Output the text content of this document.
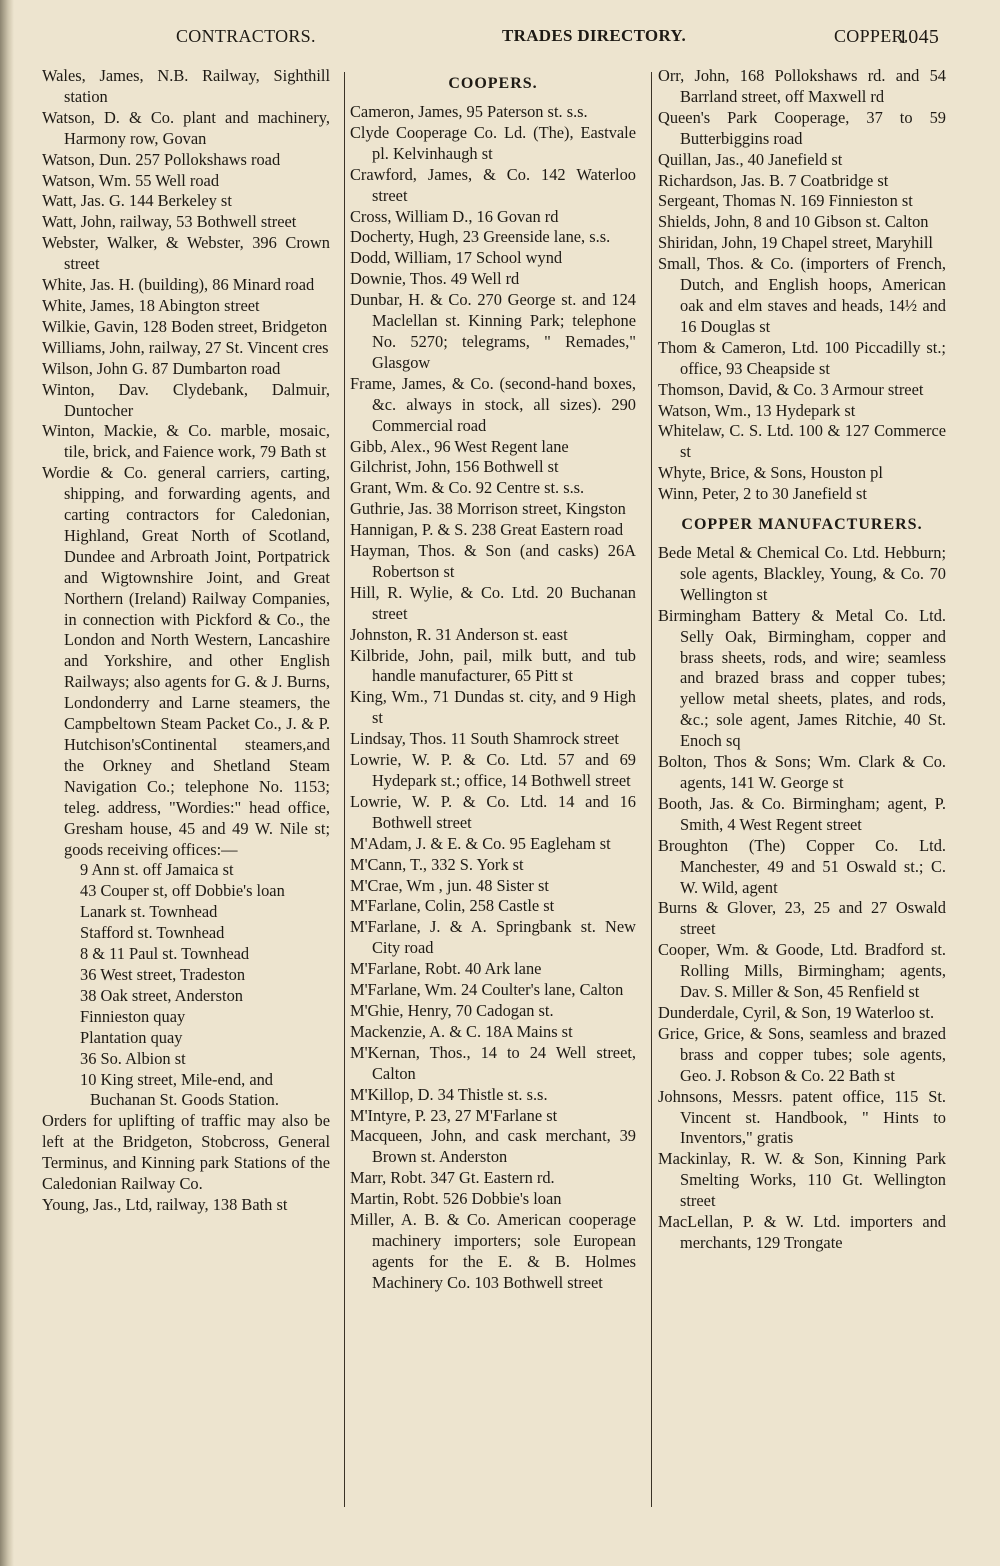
CONTRACTORS.	TRADES DIRECTORY.	COPPER.
1045

Wales, James, N.B. Railway, Sighthill station

Watson, D. & Co. plant and machinery, Harmony row, Govan

Watson, Dun. 257 Pollokshaws road

Watson, Wm. 55 Well road

Watt, Jas. G. 144 Berkeley st

Watt, John, railway, 53 Bothwell street

Webster, Walker, & Webster, 396 Crown street

White, Jas. H. (building), 86 Minard road

White, James, 18 Abington street

Wilkie, Gavin, 128 Boden street, Bridgeton

Williams, John, railway, 27 St. Vincent cres

Wilson, John G. 87 Dumbarton road

Winton, Dav. Clydebank, Dalmuir, Duntocher

Winton, Mackie, & Co. marble, mosaic, tile, brick, and Faience work, 79 Bath st

Wordie & Co. general carriers, carting, shipping, and forwarding agents, and carting contractors for Caledonian, Highland, Great North of Scotland, Dundee and Arbroath Joint, Portpatrick and Wigtownshire Joint, and Great Northern (Ireland) Railway Companies, in connection with Pickford & Co., the London and North Western, Lancashire and Yorkshire, and other English Railways; also agents for G. & J. Burns, Londonderry and Larne steamers, the Campbeltown Steam Packet Co., J. & P. Hutchison'sContinental steamers,and the Orkney and Shetland Steam Navigation Co.; telephone No. 1153; teleg. address, "Wordies:" head office, Gresham house, 45 and 49 W. Nile st; goods receiving offices:—

9 Ann st. off Jamaica st

43 Couper st, off Dobbie's loan

Lanark st. Townhead

Stafford st. Townhead

8 & 11 Paul st. Townhead

36 West street, Tradeston

38 Oak street, Anderston

Finnieston quay

Plantation quay

36 So. Albion st

10 King street, Mile-end, and Buchanan St. Goods Station.

Orders for uplifting of traffic may also be left at the Bridgeton, Stobcross, General Terminus, and Kinning park Stations of the Caledonian Railway Co.

Young, Jas., Ltd, railway, 138 Bath st

COOPERS.

Cameron, James, 95 Paterson st. s.s.

Clyde Cooperage Co. Ld. (The), Eastvale pl. Kelvinhaugh st

Crawford, James, & Co. 142 Waterloo street

Cross, William D., 16 Govan rd

Docherty, Hugh, 23 Greenside lane, s.s.

Dodd, William, 17 School wynd

Downie, Thos. 49 Well rd

Dunbar, H. & Co. 270 George st. and 124 Maclellan st. Kinning Park; telephone No. 5270; telegrams, " Remades," Glasgow

Frame, James, & Co. (second-hand boxes, &c. always in stock, all sizes). 290 Commercial road

Gibb, Alex., 96 West Regent lane

Gilchrist, John, 156 Bothwell st

Grant, Wm. & Co. 92 Centre st. s.s.

Guthrie, Jas. 38 Morrison street, Kingston

Hannigan, P. & S. 238 Great Eastern road

Hayman, Thos. & Son (and casks) 26A Robertson st

Hill, R. Wylie, & Co. Ltd. 20 Buchanan street

Johnston, R. 31 Anderson st. east

Kilbride, John, pail, milk butt, and tub handle manufacturer, 65 Pitt st

King, Wm., 71 Dundas st. city, and 9 High st

Lindsay, Thos. 11 South Shamrock street

Lowrie, W. P. & Co. Ltd. 57 and 69 Hydepark st.; office, 14 Bothwell street

Lowrie, W. P. & Co. Ltd. 14 and 16 Bothwell street

M'Adam, J. & E. & Co. 95 Eagleham st

M'Cann, T., 332 S. York st

M'Crae, Wm , jun. 48 Sister st

M'Farlane, Colin, 258 Castle st

M'Farlane, J. & A. Springbank st. New City road

M'Farlane, Robt. 40 Ark lane

M'Farlane, Wm. 24 Coulter's lane, Calton

M'Ghie, Henry, 70 Cadogan st.

Mackenzie, A. & C. 18A Mains st

M'Kernan, Thos., 14 to 24 Well street, Calton

M'Killop, D. 34 Thistle st. s.s.

M'Intyre, P. 23, 27 M'Farlane st

Macqueen, John, and cask merchant, 39 Brown st. Anderston

Marr, Robt. 347 Gt. Eastern rd.

Martin, Robt. 526 Dobbie's loan

Miller, A. B. & Co. American cooperage machinery importers; sole European agents for the E. & B. Holmes Machinery Co. 103 Bothwell street

Orr, John, 168 Pollokshaws rd. and 54 Barrland street, off Maxwell rd

Queen's Park Cooperage, 37 to 59 Butterbiggins road

Quillan, Jas., 40 Janefield st

Richardson, Jas. B. 7 Coatbridge st

Sergeant, Thomas N. 169 Finnieston st

Shields, John, 8 and 10 Gibson st. Calton

Shiridan, John, 19 Chapel street, Maryhill

Small, Thos. & Co. (importers of French, Dutch, and English hoops, American oak and elm staves and heads, 14½ and 16 Douglas st

Thom & Cameron, Ltd. 100 Piccadilly st.; office, 93 Cheapside st

Thomson, David, & Co. 3 Armour street

Watson, Wm., 13 Hydepark st

Whitelaw, C. S. Ltd. 100 & 127 Commerce st

Whyte, Brice, & Sons, Houston pl

Winn, Peter, 2 to 30 Janefield st

COPPER MANUFACTURERS.

Bede Metal & Chemical Co. Ltd. Hebburn; sole agents, Blackley, Young, & Co. 70 Wellington st

Birmingham Battery & Metal Co. Ltd. Selly Oak, Birmingham, copper and brass sheets, rods, and wire; seamless and brazed brass and copper tubes; yellow metal sheets, plates, and rods, &c.; sole agent, James Ritchie, 40 St. Enoch sq

Bolton, Thos & Sons; Wm. Clark & Co. agents, 141 W. George st

Booth, Jas. & Co. Birmingham; agent, P. Smith, 4 West Regent street

Broughton (The) Copper Co. Ltd. Manchester, 49 and 51 Oswald st.; C. W. Wild, agent

Burns & Glover, 23, 25 and 27 Oswald street

Cooper, Wm. & Goode, Ltd. Bradford st. Rolling Mills, Birmingham; agents, Dav. S. Miller & Son, 45 Renfield st

Dunderdale, Cyril, & Son, 19 Waterloo st.

Grice, Grice, & Sons, seamless and brazed brass and copper tubes; sole agents, Geo. J. Robson & Co. 22 Bath st

Johnsons, Messrs. patent office, 115 St. Vincent st. Handbook, " Hints to Inventors," gratis

Mackinlay, R. W. & Son, Kinning Park Smelting Works, 110 Gt. Wellington street

MacLellan, P. & W. Ltd. importers and merchants, 129 Trongate
